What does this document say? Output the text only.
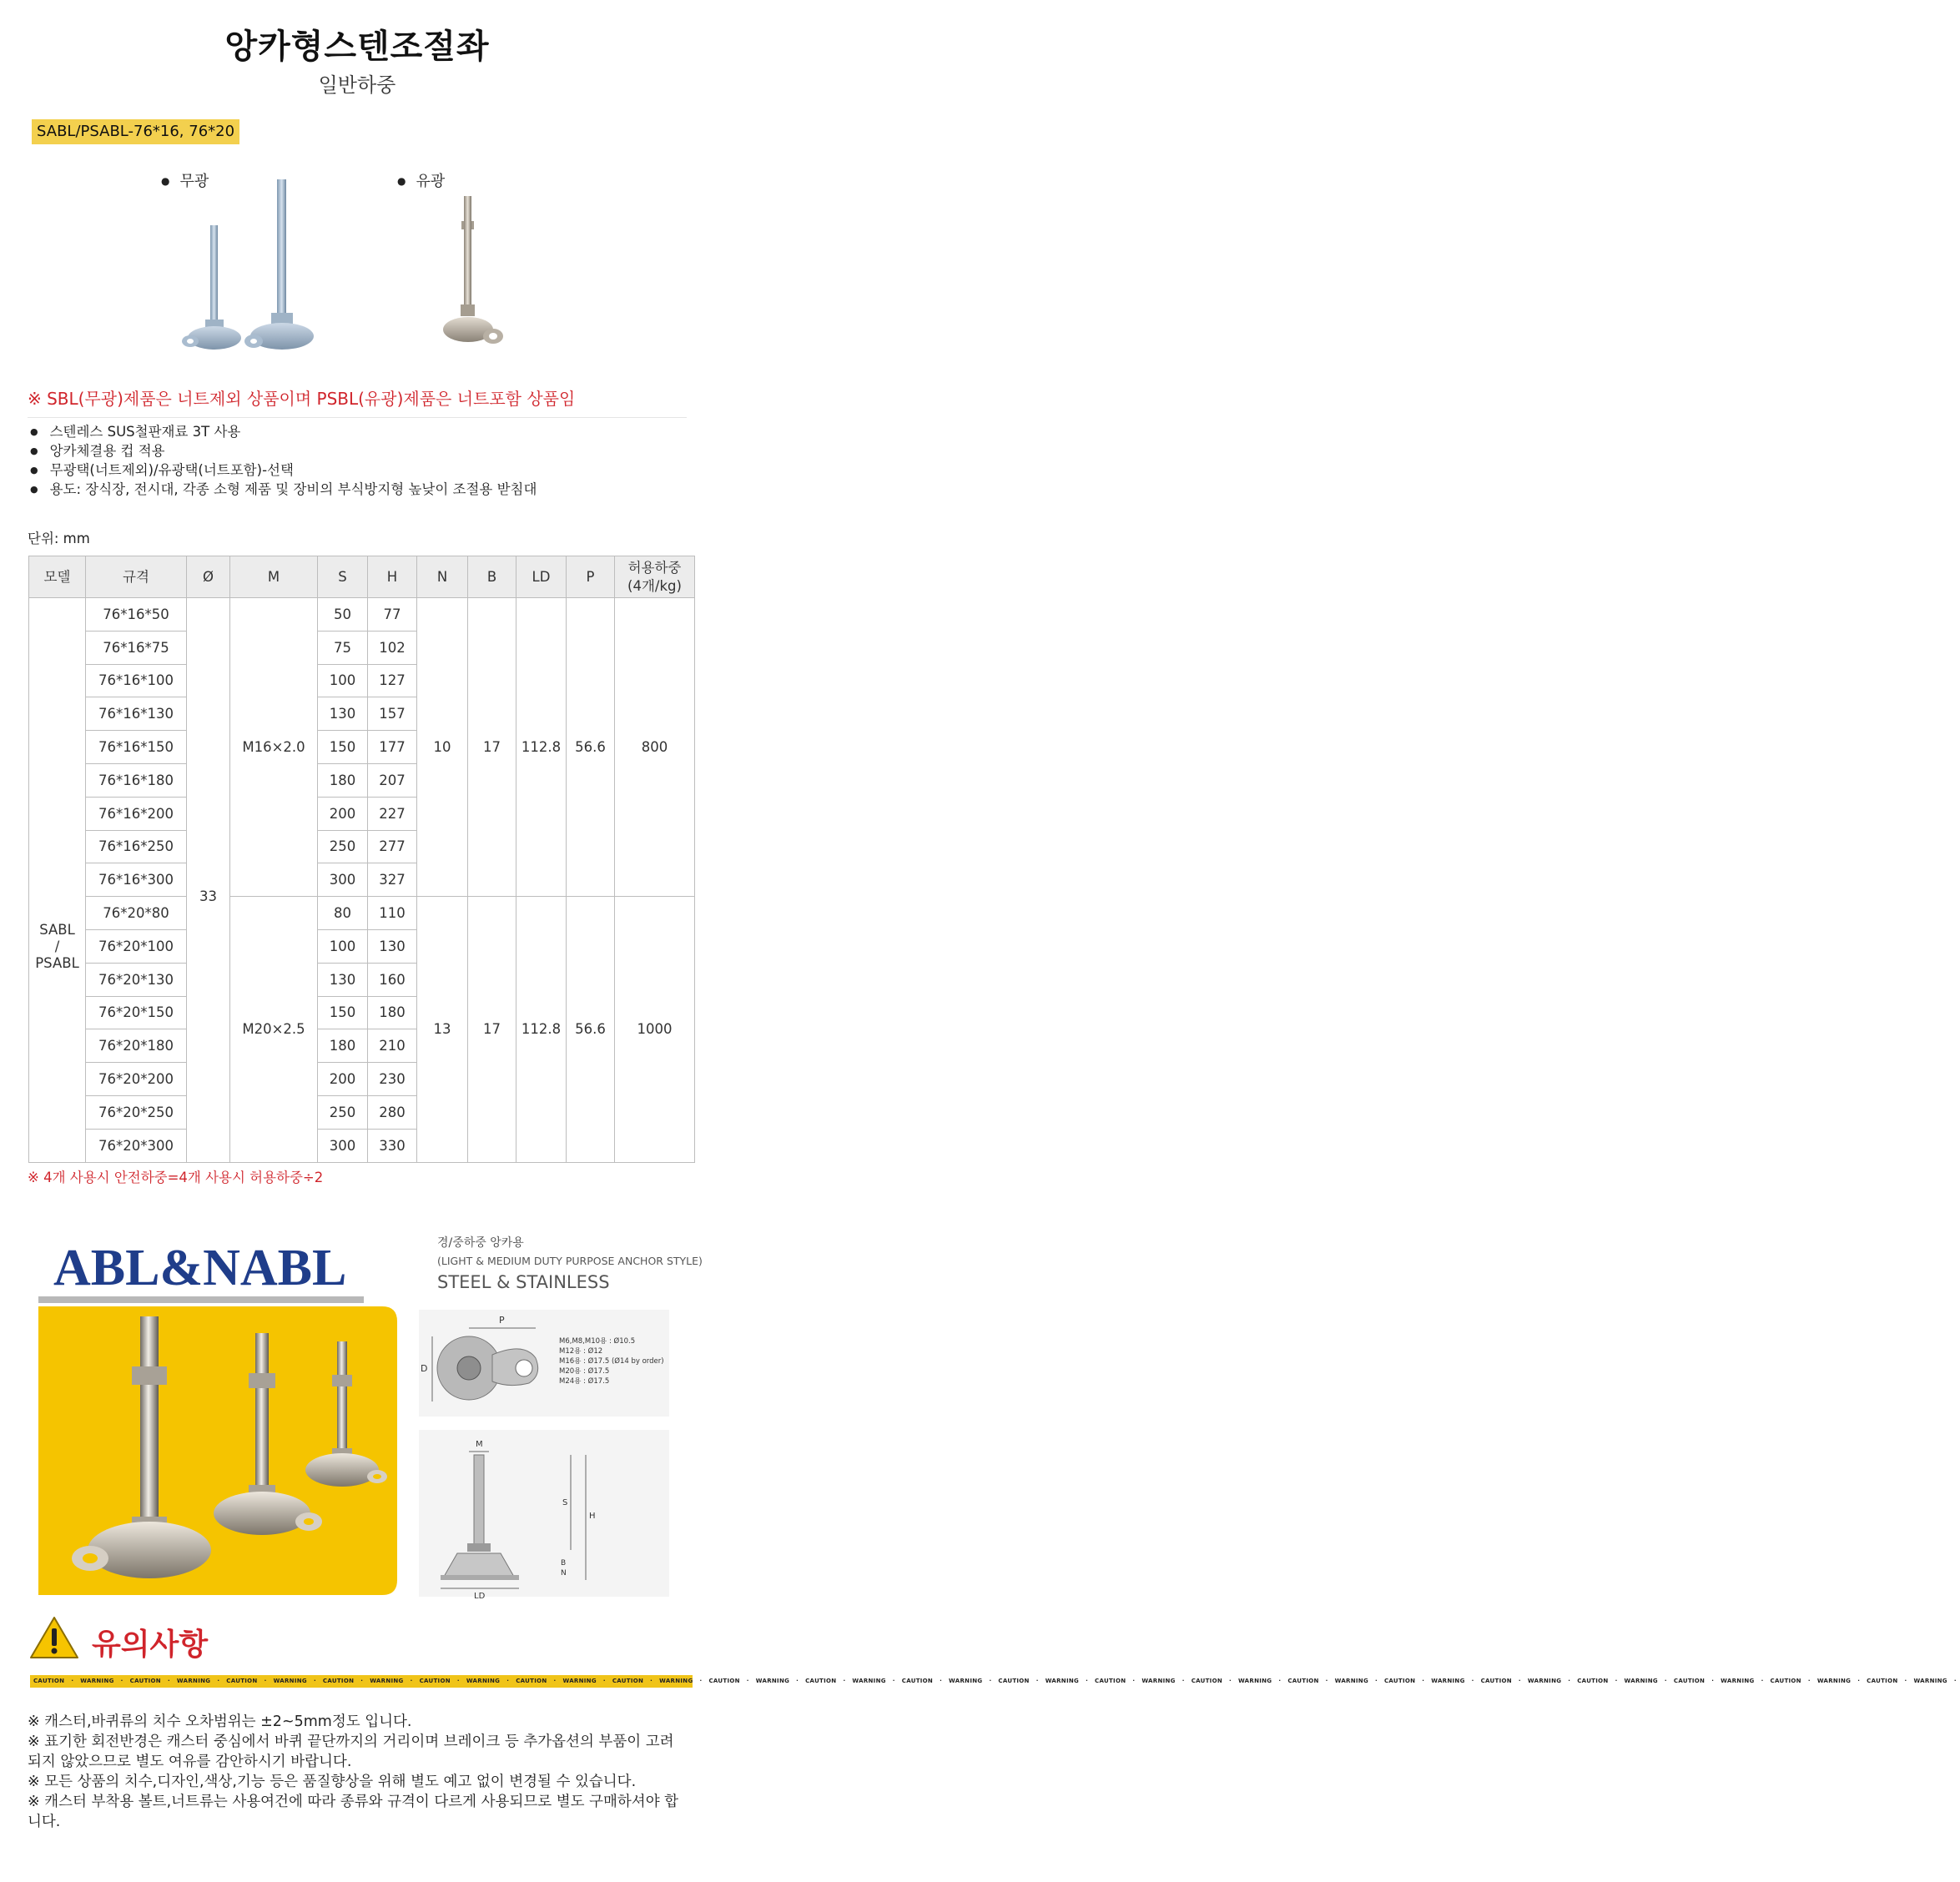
앙카형스텐조절좌
일반하중
SABL/PSABL-76*16, 76*20
● 무광	● 유광
※ SBL(무광)제품은 너트제외 상품이며 PSBL(유광)제품은 너트포함 상품임
● 스텐레스 SUS철판재료 3T 사용
● 앙카체결용 컵 적용
● 무광택(너트제외)/유광택(너트포함)-선택
● 용도: 장식장, 전시대, 각종 소형 제품 및 장비의 부식방지형 높낮이 조절용 받침대
단위: mm
모델	규격	Ø	M	S	H	N	B	LD	P	허용하중
(4개/kg)
SABL
/
PSABL	76*16*50	33	M16×2.0	50	77	10	17	112.8	56.6	800
	76*16*75			75	102					
	76*16*100			100	127					
	76*16*130			130	157					
	76*16*150			150	177					
	76*16*180			180	207					
	76*16*200			200	227					
	76*16*250			250	277					
	76*16*300			300	327					
	76*20*80		M20×2.5	80	110	13	17	112.8	56.6	1000
	76*20*100			100	130					
	76*20*130			130	160					
	76*20*150			150	180					
	76*20*180			180	210					
	76*20*200			200	230					
	76*20*250			250	280					
	76*20*300			300	330					
※ 4개 사용시 안전하중=4개 사용시 허용하중÷2
ABL&NABL	경/중하중 앙카용
(LIGHT & MEDIUM DUTY PURPOSE ANCHOR STYLE)
STEEL & STAINLESS
P
D
M6,M8,M10용 : Ø10.5
M12용 : Ø12
M16용 : Ø17.5 (Ø14 by order)
M20용 : Ø17.5
M24용 : Ø17.5
M
LD
S
H
B
N
유의사항
CAUTION · WARNING · CAUTION · WARNING · CAUTION · WARNING · CAUTION · WARNING · CAUTION · WARNING · CAUTION · WARNING · CAUTION · WARNING · CAUTION · WARNING · CAUTION · WARNING · CAUTION · WARNING · CAUTION · WARNING · CAUTION · WARNING · CAUTION · WARNING · CAUTION · WARNING · CAUTION · WARNING · CAUTION · WARNING · CAUTION · WARNING · CAUTION · WARNING · CAUTION · WARNING · CAUTION · WARNING ·
※ 캐스터,바퀴류의 치수 오차범위는 ±2~5mm정도 입니다.
※ 표기한 회전반경은 캐스터 중심에서 바퀴 끝단까지의 거리이며 브레이크 등 추가옵션의 부품이 고려되지 않았으므로 별도 여유를 감안하시기 바랍니다.
※ 모든 상품의 치수,디자인,색상,기능 등은 품질향상을 위해 별도 예고 없이 변경될 수 있습니다.
※ 캐스터 부착용 볼트,너트류는 사용여건에 따라 종류와 규격이 다르게 사용되므로 별도 구매하셔야 합니다.
